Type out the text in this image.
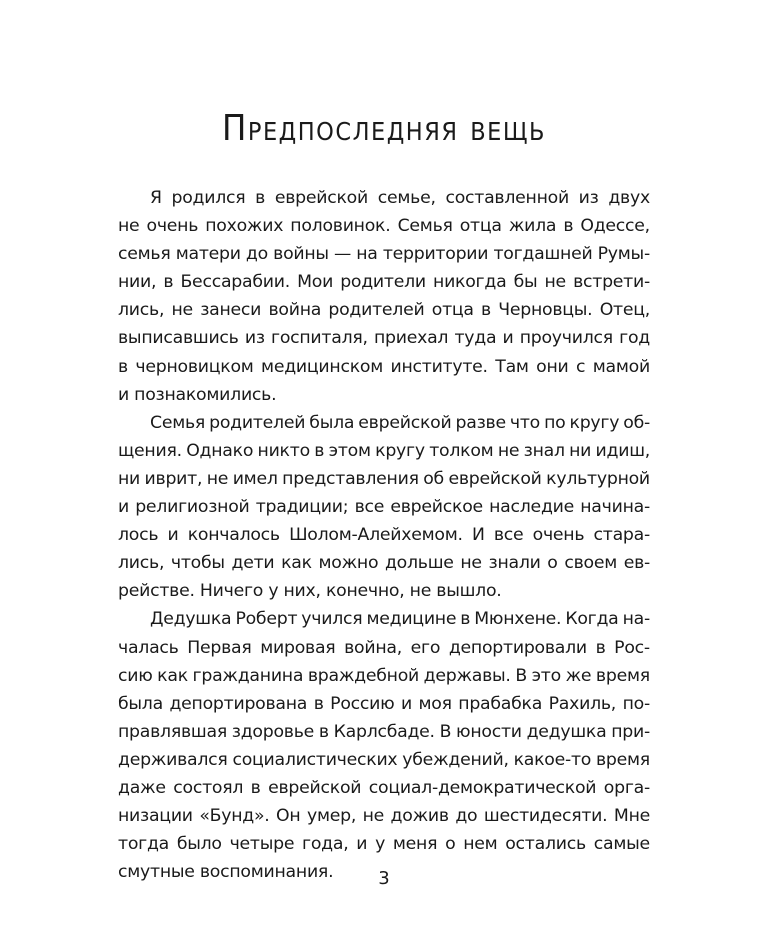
Предпоследняя вещь
Я родился в еврейской семье, составленной из двух
не очень похожих половинок. Семья отца жила в Одессе,
семья матери до войны — на территории тогдашней Румы-
нии, в Бессарабии. Мои родители никогда бы не встрети-
лись, не занеси война родителей отца в Черновцы. Отец,
выписавшись из госпиталя, приехал туда и проучился год
в черновицком медицинском институте. Там они с мамой
и познакомились.
Семья родителей была еврейской разве что по кругу об-
щения. Однако никто в этом кругу толком не знал ни идиш,
ни иврит, не имел представления об еврейской культурной
и религиозной традиции; все еврейское наследие начина-
лось и кончалось Шолом-Алейхемом. И все очень стара-
лись, чтобы дети как можно дольше не знали о своем ев-
рействе. Ничего у них, конечно, не вышло.
Дедушка Роберт учился медицине в Мюнхене. Когда на-
чалась Первая мировая война, его депортировали в Рос-
сию как гражданина враждебной державы. В это же время
была депортирована в Россию и моя прабабка Рахиль, по-
правлявшая здоровье в Карлсбаде. В юности дедушка при-
держивался социалистических убеждений, какое-то время
даже состоял в еврейской социал-демократической орга-
низации «Бунд». Он умер, не дожив до шестидесяти. Мне
тогда было четыре года, и у меня о нем остались самые
смутные воспоминания.	3
